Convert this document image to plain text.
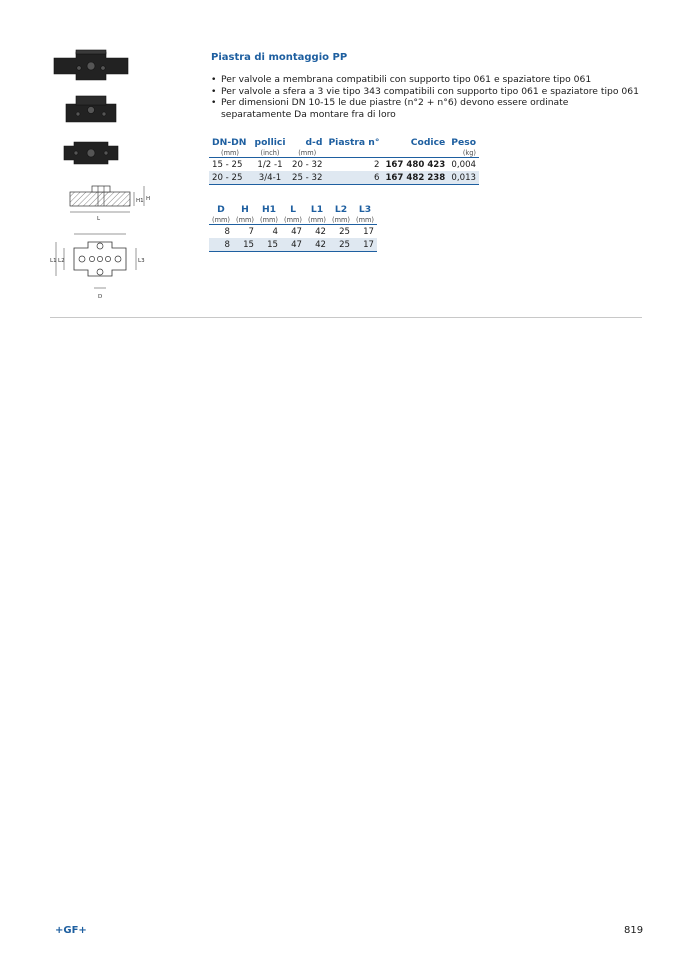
L
H1 H
L1 L2	L3
D
Piastra di montaggio PP
• Per valvole a membrana compatibili con supporto tipo 061 e spaziatore tipo 061
• Per valvole a sfera a 3 vie tipo 343 compatibili con supporto tipo 061 e spaziatore tipo 061
• Per dimensioni DN 10-15 le due piastre (n°2 + n°6) devono essere ordinate separatamente Da montare fra di loro
DN-DN	pollici	d-d	Piastra n°	Codice	Peso
(mm)	(inch)	(mm)			(kg)
15 - 25	1/2 -1	20 - 32	2	167 480 423	0,004
20 - 25	3/4-1	25 - 32	6	167 482 238	0,013
D	H	H1	L	L1	L2	L3
(mm)	(mm)	(mm)	(mm)	(mm)	(mm)	(mm)
8	7	4	47	42	25	17
8	15	15	47	42	25	17
+GF+	819
